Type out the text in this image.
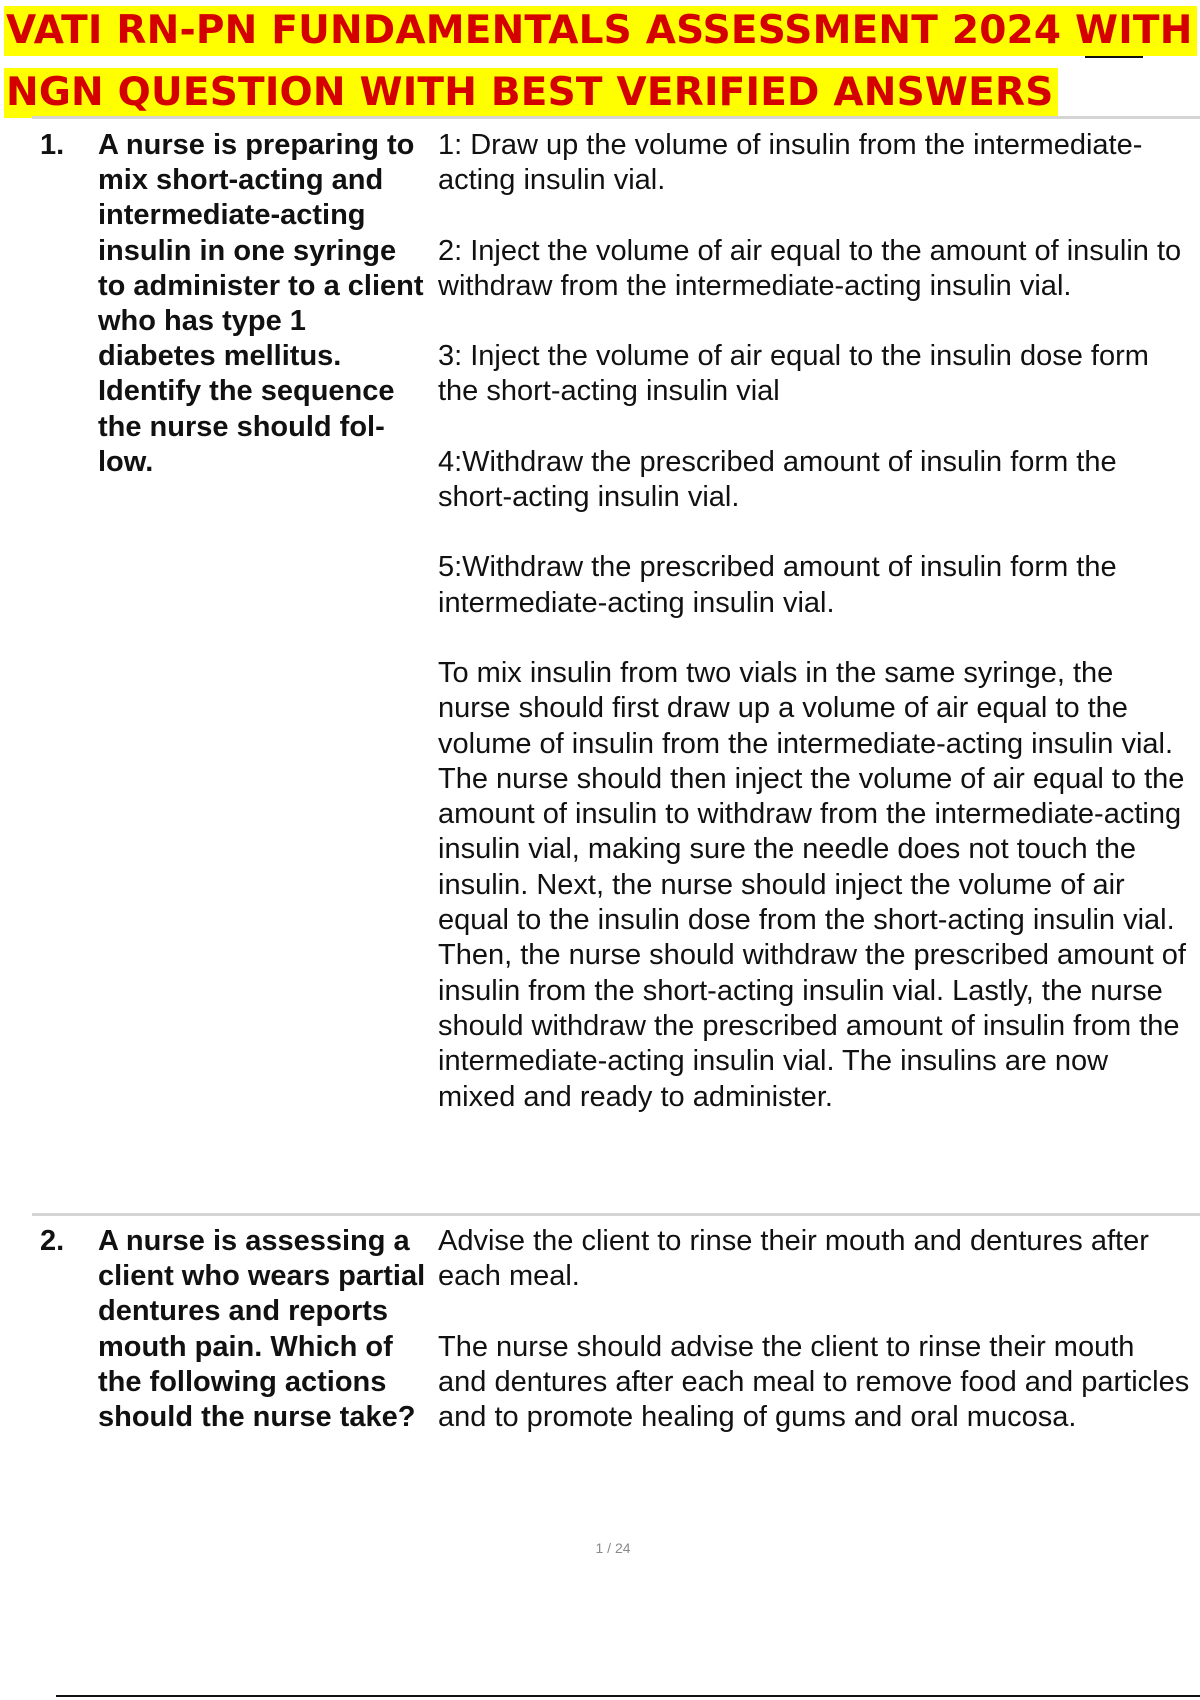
VATI RN-PN FUNDAMENTALS ASSESSMENT 2024 WITH
NGN QUESTION WITH BEST VERIFIED ANSWERS
1. A nurse is preparing to mix short-acting and intermediate-acting insulin in one syringe to administer to a client who has type 1 diabetes mellitus. Identify the sequence the nurse should follow.

1: Draw up the volume of insulin from the intermediate-acting insulin vial.

2: Inject the volume of air equal to the amount of insulin to withdraw from the intermediate-acting insulin vial.

3: Inject the volume of air equal to the insulin dose form the short-acting insulin vial

4:Withdraw the prescribed amount of insulin form the short-acting insulin vial.

5:Withdraw the prescribed amount of insulin form the intermediate-acting insulin vial.

To mix insulin from two vials in the same syringe, the nurse should first draw up a volume of air equal to the volume of insulin from the intermediate-acting insulin vial. The nurse should then inject the volume of air equal to the amount of insulin to withdraw from the intermediate-acting insulin vial, making sure the needle does not touch the insulin. Next, the nurse should inject the volume of air equal to the insulin dose from the short-acting insulin vial. Then, the nurse should withdraw the prescribed amount of insulin from the short-acting insulin vial. Lastly, the nurse should withdraw the prescribed amount of insulin from the intermediate-acting insulin vial. The insulins are now mixed and ready to administer.

2. A nurse is assessing a client who wears partial dentures and reports mouth pain. Which of the following actions should the nurse take?

Advise the client to rinse their mouth and dentures after each meal.

The nurse should advise the client to rinse their mouth and dentures after each meal to remove food and particles and to promote healing of gums and oral mucosa.

1 / 24
